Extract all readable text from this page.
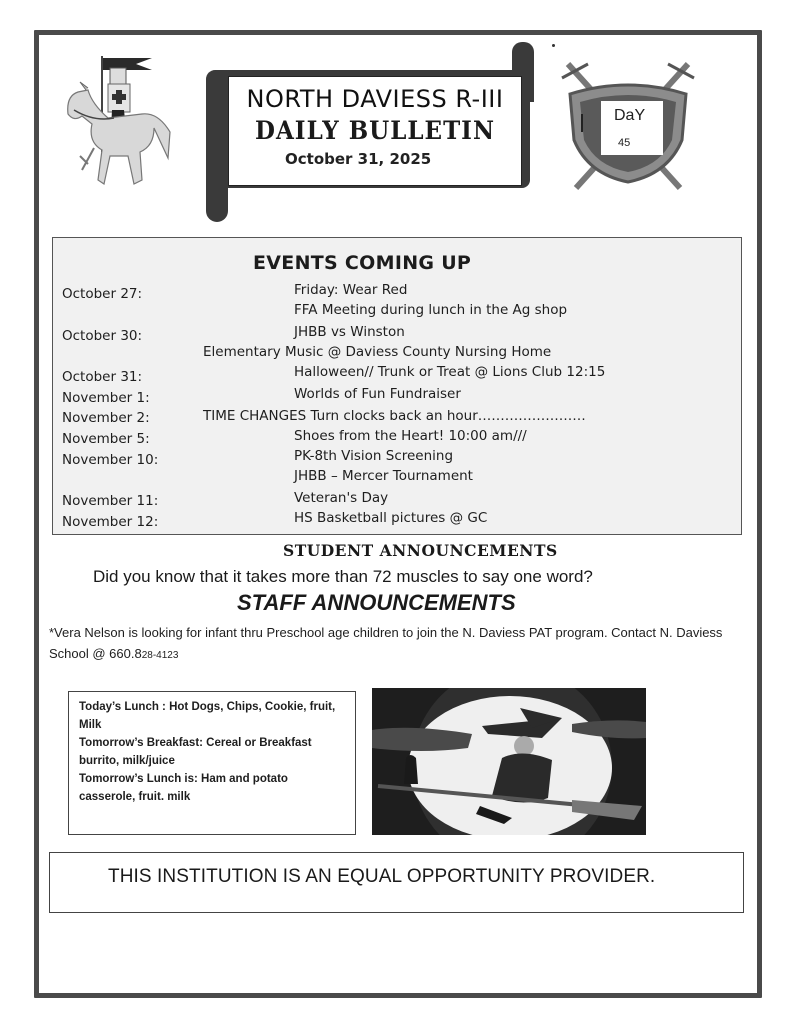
NORTH DAVIESS R-III
DAILY BULLETIN
October 31, 2025
DaY
45
EVENTS COMING UP
October 27:	Friday: Wear Red
FFA Meeting during lunch in the Ag shop
October 30:	JHBB vs Winston
Elementary Music @ Daviess County Nursing Home
October 31:	Halloween// Trunk or Treat @ Lions Club 12:15
November 1:	Worlds of Fun Fundraiser
November 2:	TIME CHANGES Turn clocks back an hour……………………
November 5:	Shoes from the Heart! 10:00 am///
November 10:	PK-8th Vision Screening
JHBB – Mercer Tournament
November 11:	Veteran's Day
November 12:	HS Basketball pictures @ GC
STUDENT ANNOUNCEMENTS
Did you know that it takes more than 72 muscles to say one word?
STAFF ANNOUNCEMENTS
*Vera Nelson is looking for infant thru Preschool age children to join the N. Daviess PAT program. Contact N. Daviess School @ 660.828-4123
Today’s Lunch : Hot Dogs, Chips, Cookie, fruit, Milk
Tomorrow’s Breakfast: Cereal or Breakfast burrito, milk/juice
Tomorrow’s Lunch is: Ham and potato casserole, fruit. milk
THIS INSTITUTION IS AN EQUAL OPPORTUNITY PROVIDER.
